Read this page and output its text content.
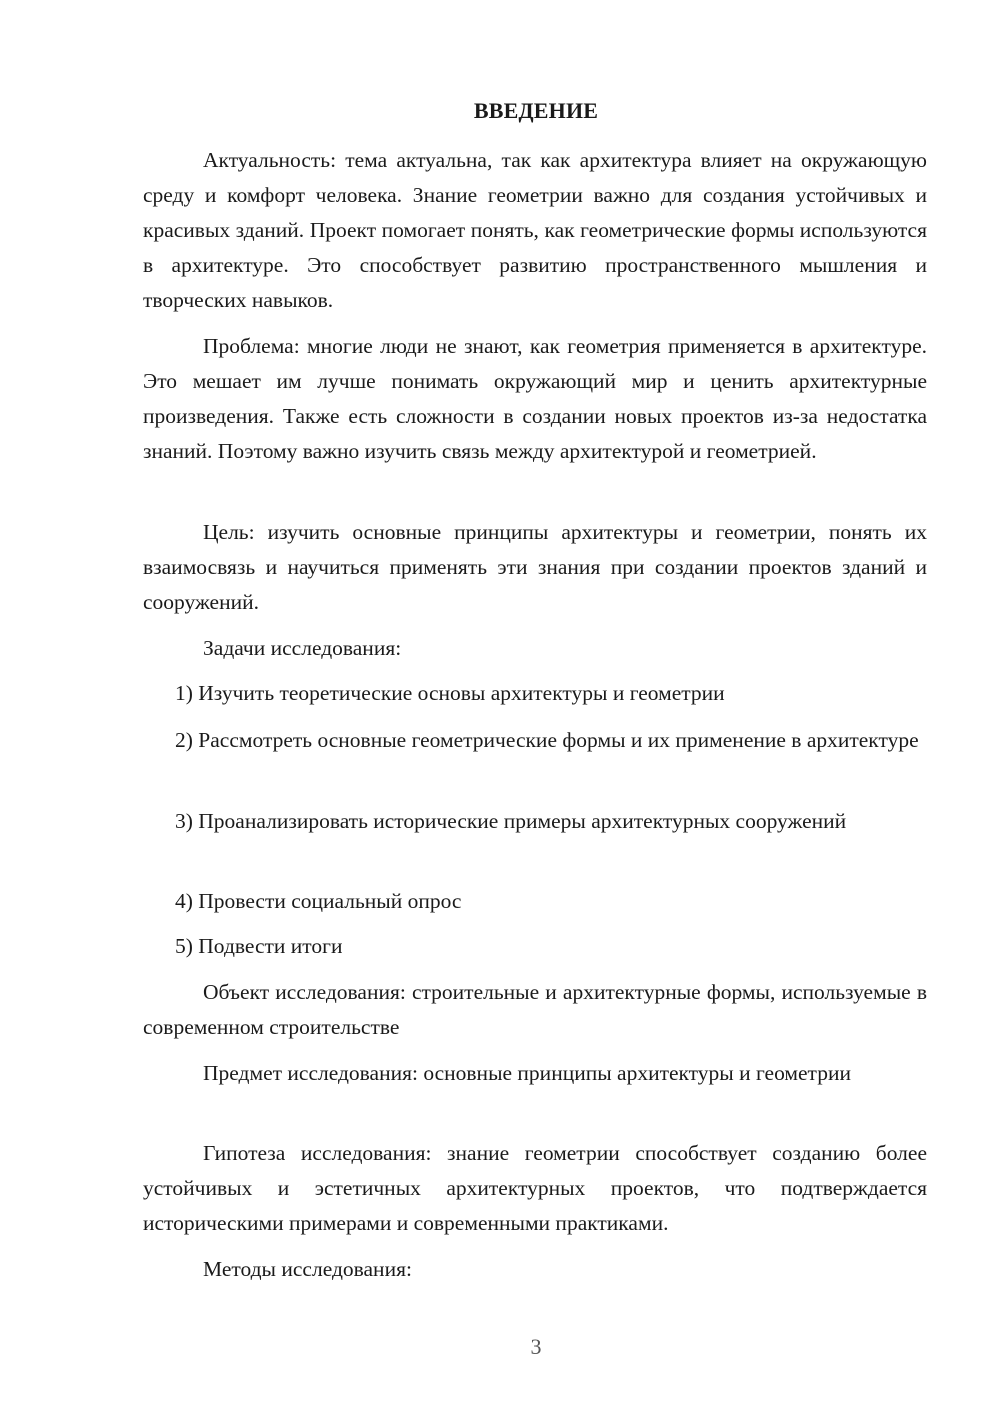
ВВЕДЕНИЕ

Актуальность: тема актуальна, так как архитектура влияет на окружающую среду и комфорт человека. Знание геометрии важно для создания устойчивых и красивых зданий. Проект помогает понять, как геометрические формы используются в архитектуре. Это способствует развитию пространственного мышления и творческих навыков.

Проблема: многие люди не знают, как геометрия применяется в архитектуре. Это мешает им лучше понимать окружающий мир и ценить архитектурные произведения. Также есть сложности в создании новых проектов из-за недостатка знаний. Поэтому важно изучить связь между архитектурой и геометрией.

Цель: изучить основные принципы архитектуры и геометрии, понять их взаимосвязь и научиться применять эти знания при создании проектов зданий и сооружений.

Задачи исследования:

1) Изучить теоретические основы архитектуры и геометрии

2) Рассмотреть основные геометрические формы и их применение в архитектуре

3) Проанализировать исторические примеры архитектурных сооружений

4) Провести социальный опрос

5) Подвести итоги

Объект исследования: строительные и архитектурные формы, используемые в современном строительстве

Предмет исследования: основные принципы архитектуры и геометрии

Гипотеза исследования: знание геометрии способствует созданию более устойчивых и эстетичных архитектурных проектов, что подтверждается историческими примерами и современными практиками.

Методы исследования:

3
